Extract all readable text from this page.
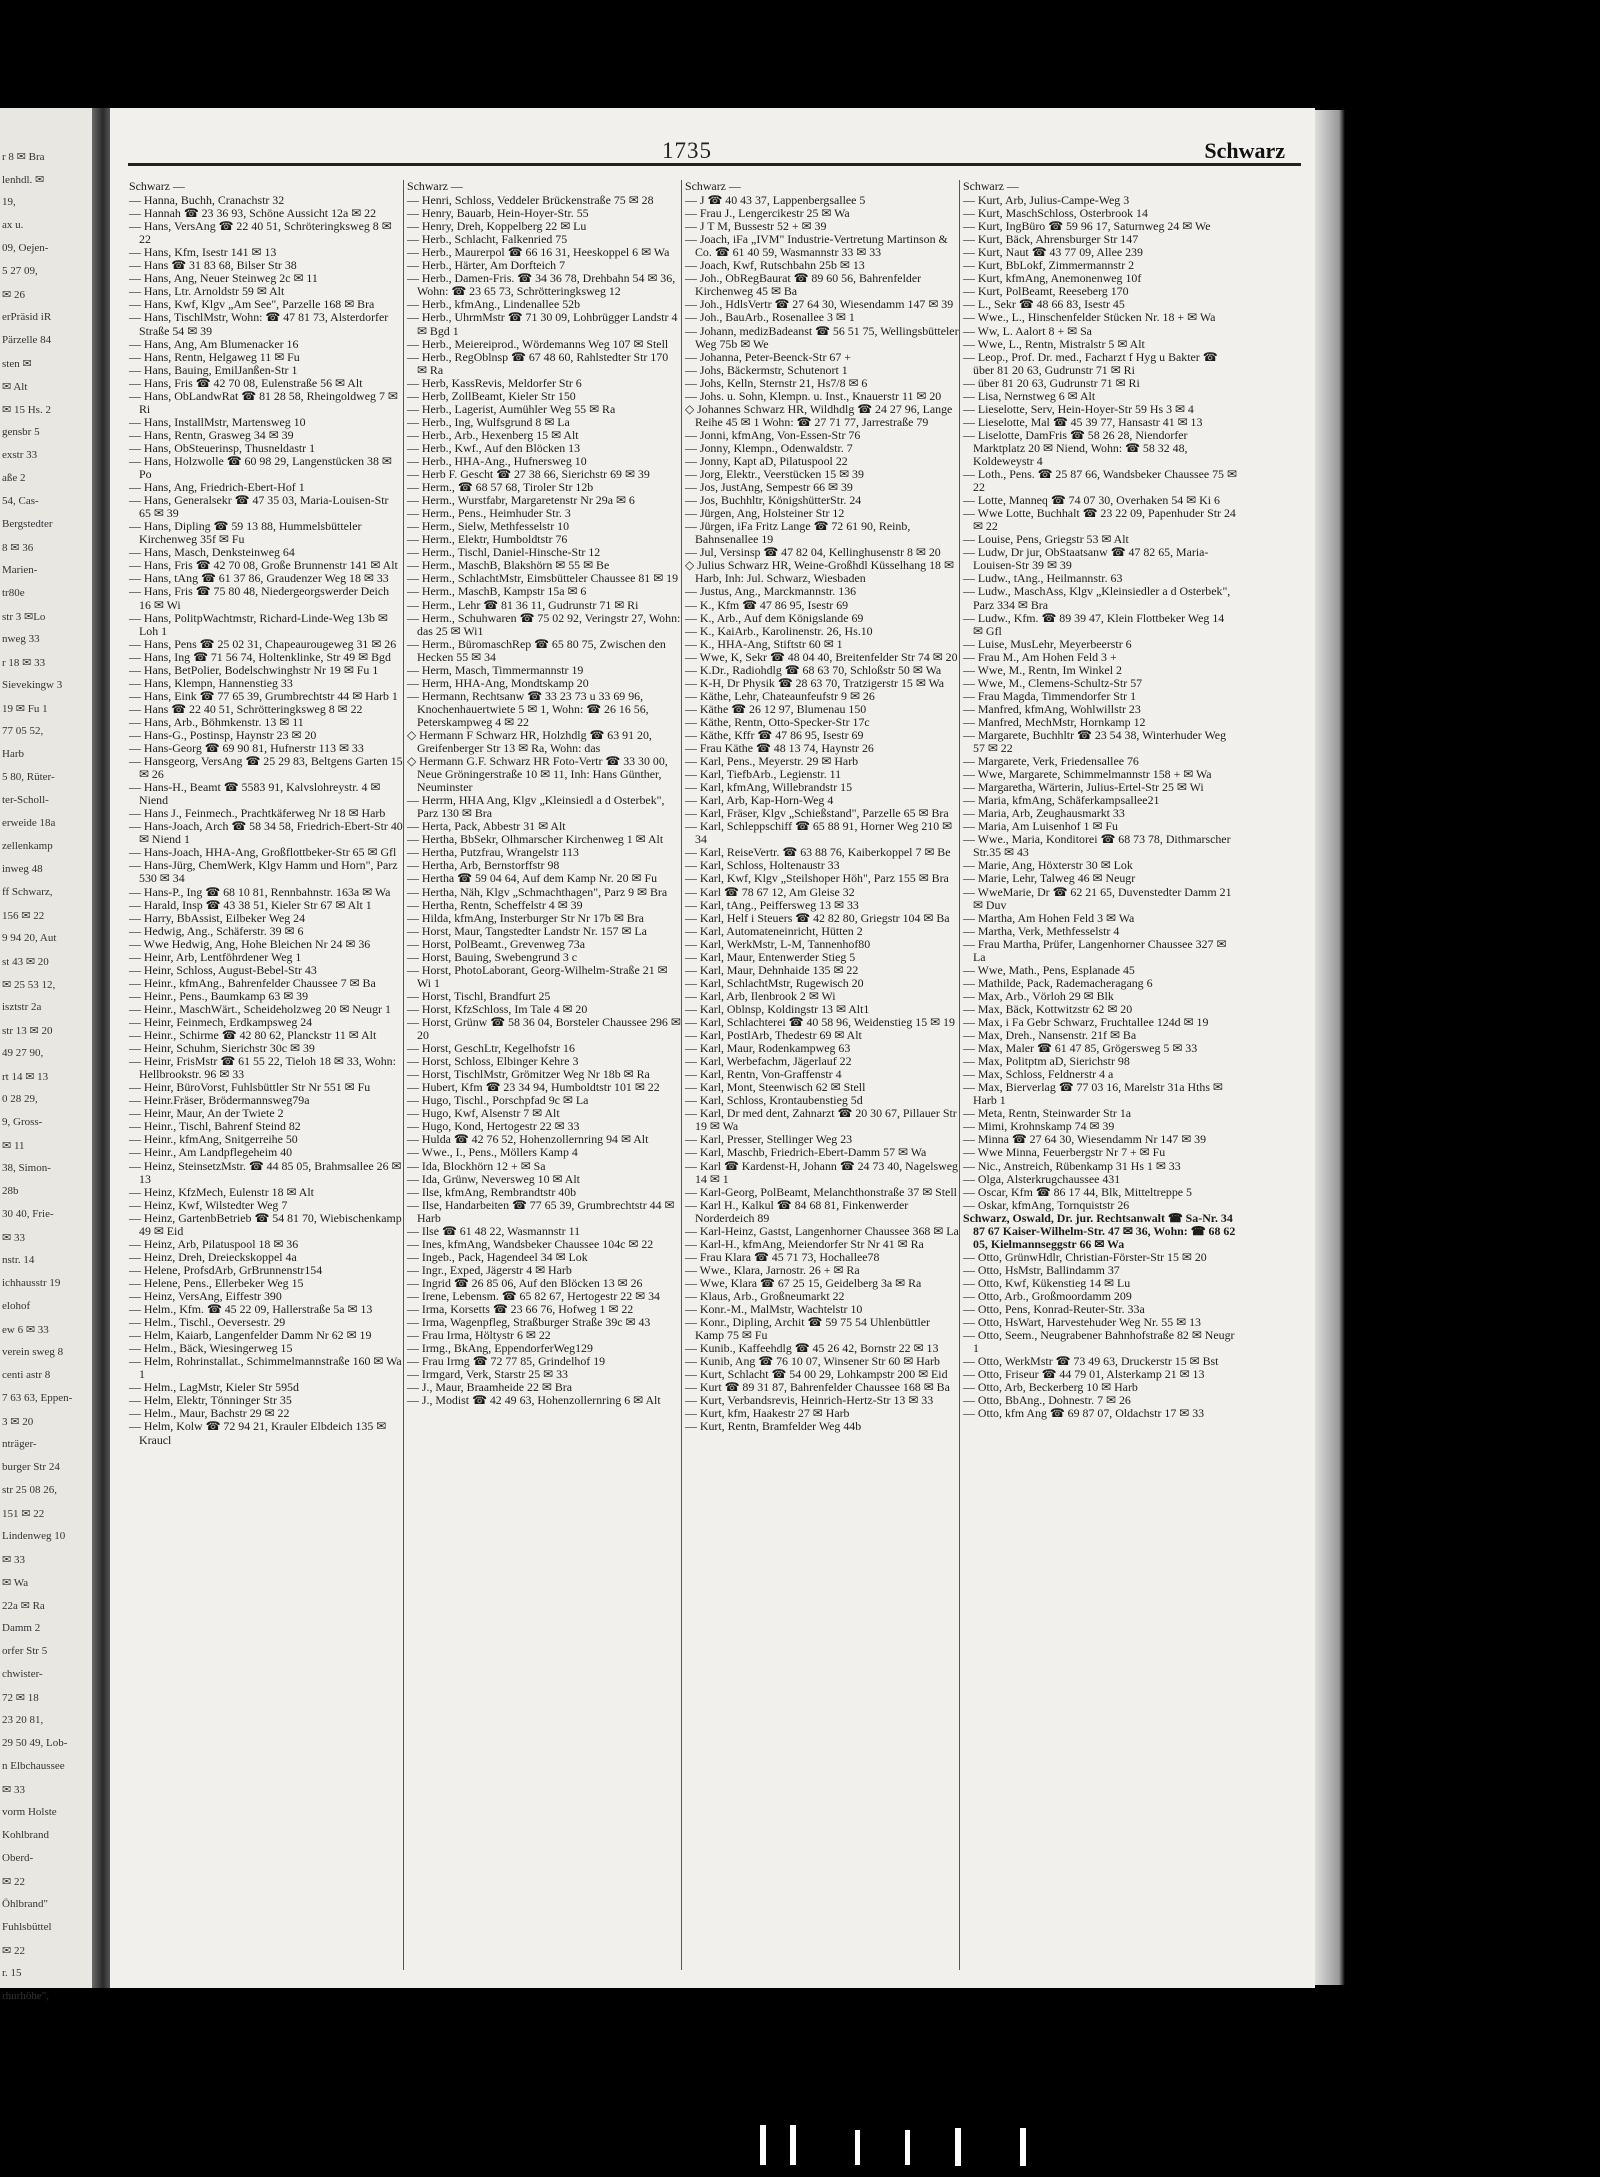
r 8 ✉ Bra
lenhdl. ✉
19,
ax u.
09, Oejen-
5 27 09,
✉ 26
erPräsid iR
Pärzelle 84
sten ✉
✉ Alt
✉ 15 Hs. 2
gensbr 5
exstr 33
aße 2
54, Cas-
Bergstedter
8 ✉ 36
Marien-
tr80e
str 3 ✉Lo
nweg 33
r 18 ✉ 33
Sievekingw 3
19 ✉ Fu 1
77 05 52,
Harb
5 80, Rüter-
ter-Scholl-
erweide 18a
zellenkamp
inweg 48
ff Schwarz,
156 ✉ 22
9 94 20, Aut
st 43 ✉ 20
✉ 25 53 12,
isztstr 2a
str 13 ✉ 20
49 27 90,
rt 14 ✉ 13
0 28 29,
9, Gross-
✉ 11
38, Simon-
28b
30 40, Frie-
✉ 33
nstr. 14
ichhausstr 19
elohof
ew 6 ✉ 33
verein sweg 8
centi astr 8
7 63 63, Eppen-
3 ✉ 20
nträger-
burger Str 24
str 25 08 26,
151 ✉ 22
Lindenweg 10
✉ 33
✉ Wa
22a ✉ Ra
Damm 2
orfer Str 5
chwister-
72 ✉ 18
23 20 81,
29 50 49, Lob-
n Elbchaussee
✉ 33
vorm Holste
Kohlbrand
Oberd-
✉ 22
Öhlbrand"
Fuhlsbüttel
✉ 22
r. 15
rhurhöhe",
1735	Schwarz
Schwarz —

— Hanna, Buchh, Cranachstr 32

— Hannah ☎ 23 36 93, Schöne Aussicht 12a ✉ 22

— Hans, VersAng ☎ 22 40 51, Schröteringksweg 8 ✉ 22

— Hans, Kfm, Isestr 141 ✉ 13

— Hans ☎ 31 83 68, Bilser Str 38

— Hans, Ang, Neuer Steinweg 2c ✉ 11

— Hans, Ltr. Arnoldstr 59 ✉ Alt

— Hans, Kwf, Klgv „Am See", Parzelle 168 ✉ Bra

— Hans, TischlMstr, Wohn: ☎ 47 81 73, Alsterdorfer Straße 54 ✉ 39

— Hans, Ang, Am Blumenacker 16

— Hans, Rentn, Helgaweg 11 ✉ Fu

— Hans, Bauing, EmilJanßen-Str 1

— Hans, Fris ☎ 42 70 08, Eulenstraße 56 ✉ Alt

— Hans, ObLandwRat ☎ 81 28 58, Rheingoldweg 7 ✉ Ri

— Hans, InstallMstr, Martensweg 10

— Hans, Rentn, Grasweg 34 ✉ 39

— Hans, ObSteuerinsp, Thusneldastr 1

— Hans, Holzwolle ☎ 60 98 29, Langenstücken 38 ✉ Po

— Hans, Ang, Friedrich-Ebert-Hof 1

— Hans, Generalsekr ☎ 47 35 03, Maria-Louisen-Str 65 ✉ 39

— Hans, Dipling ☎ 59 13 88, Hummelsbütteler Kirchenweg 35f ✉ Fu

— Hans, Masch, Denksteinweg 64

— Hans, Fris ☎ 42 70 08, Große Brunnenstr 141 ✉ Alt

— Hans, tAng ☎ 61 37 86, Graudenzer Weg 18 ✉ 33

— Hans, Fris ☎ 75 80 48, Niedergeorgswerder Deich 16 ✉ Wi

— Hans, PolitpWachtmstr, Richard-Linde-Weg 13b ✉ Loh 1

— Hans, Pens ☎ 25 02 31, Chapeaurougeweg 31 ✉ 26

— Hans, Ing ☎ 71 56 74, Holtenklinke, Str 49 ✉ Bgd

— Hans, BetPolier, Bodelschwinghstr Nr 19 ✉ Fu 1

— Hans, Klempn, Hannenstieg 33

— Hans, Eink ☎ 77 65 39, Grumbrechtstr 44 ✉ Harb 1

— Hans ☎ 22 40 51, Schrötteringksweg 8 ✉ 22

— Hans, Arb., Böhmkenstr. 13 ✉ 11

— Hans-G., Postinsp, Haynstr 23 ✉ 20

— Hans-Georg ☎ 69 90 81, Hufnerstr 113 ✉ 33

— Hansgeorg, VersAng ☎ 25 29 83, Beltgens Garten 15 ✉ 26

— Hans-H., Beamt ☎ 5583 91, Kalvslohreystr. 4 ✉ Niend

— Hans J., Feinmech., Prachtkäferweg Nr 18 ✉ Harb

— Hans-Joach, Arch ☎ 58 34 58, Friedrich-Ebert-Str 40 ✉ Niend 1

— Hans-Joach, HHA-Ang, Großflottbeker-Str 65 ✉ Gfl

— Hans-Jürg, ChemWerk, Klgv Hamm und Horn", Parz 530 ✉ 34

— Hans-P., Ing ☎ 68 10 81, Rennbahnstr. 163a ✉ Wa

— Harald, Insp ☎ 43 38 51, Kieler Str 67 ✉ Alt 1

— Harry, BbAssist, Eilbeker Weg 24

— Hedwig, Ang., Schäferstr. 39 ✉ 6

— Wwe Hedwig, Ang, Hohe Bleichen Nr 24 ✉ 36

— Heinr, Arb, Lentföhrdener Weg 1

— Heinr, Schloss, August-Bebel-Str 43

— Heinr., kfmAng., Bahrenfelder Chaussee 7 ✉ Ba

— Heinr., Pens., Baumkamp 63 ✉ 39

— Heinr., MaschWärt., Scheideholzweg 20 ✉ Neugr 1

— Heinr, Feinmech, Erdkampsweg 24

— Heinr., Schirme ☎ 42 80 62, Planckstr 11 ✉ Alt

— Heinr, Schuhm, Sierichstr 30c ✉ 39

— Heinr, FrisMstr ☎ 61 55 22, Tieloh 18 ✉ 33, Wohn: Hellbrookstr. 96 ✉ 33

— Heinr, BüroVorst, Fuhlsbüttler Str Nr 551 ✉ Fu

— Heinr.Fräser, Brödermannsweg79a

— Heinr, Maur, An der Twiete 2

— Heinr., Tischl, Bahrenf Steind 82

— Heinr., kfmAng, Snitgerreihe 50

— Heinr., Am Landpflegeheim 40

— Heinz, SteinsetzMstr. ☎ 44 85 05, Brahmsallee 26 ✉ 13

— Heinz, KfzMech, Eulenstr 18 ✉ Alt

— Heinz, Kwf, Wilstedter Weg 7

— Heinz, GartenbBetrieb ☎ 54 81 70, Wiebischenkamp 49 ✉ Eid

— Heinz, Arb, Pilatuspool 18 ✉ 36

— Heinz, Dreh, Dreieckskoppel 4a

— Helene, ProfsdArb, GrBrunnenstr154

— Helene, Pens., Ellerbeker Weg 15

— Heinz, VersAng, Eiffestr 390

— Helm., Kfm. ☎ 45 22 09, Hallerstraße 5a ✉ 13

— Helm., Tischl., Oeversestr. 29

— Helm, Kaiarb, Langenfelder Damm Nr 62 ✉ 19

— Helm., Bäck, Wiesingerweg 15

— Helm, Rohrinstallat., Schimmelmannstraße 160 ✉ Wa 1

— Helm., LagMstr, Kieler Str 595d

— Helm, Elektr, Tönninger Str 35

— Helm., Maur, Bachstr 29 ✉ 22

— Helm, Kolw ☎ 72 94 21, Krauler Elbdeich 135 ✉ Kraucl

Schwarz —

— Henri, Schloss, Veddeler Brückenstraße 75 ✉ 28

— Henry, Bauarb, Hein-Hoyer-Str. 55

— Henry, Dreh, Koppelberg 22 ✉ Lu

— Herb., Schlacht, Falkenried 75

— Herb., Maurerpol ☎ 66 16 31, Heeskoppel 6 ✉ Wa

— Herb., Härter, Am Dorfteich 7

— Herb., Damen-Fris. ☎ 34 36 78, Drehbahn 54 ✉ 36, Wohn: ☎ 23 65 73, Schrötteringksweg 12

— Herb., kfmAng., Lindenallee 52b

— Herb., UhrmMstr ☎ 71 30 09, Lohbrügger Landstr 4 ✉ Bgd 1

— Herb., Meiereiprod., Wördemanns Weg 107 ✉ Stell

— Herb., RegOblnsp ☎ 67 48 60, Rahlstedter Str 170 ✉ Ra

— Herb, KassRevis, Meldorfer Str 6

— Herb, ZollBeamt, Kieler Str 150

— Herb., Lagerist, Aumühler Weg 55 ✉ Ra

— Herb., Ing, Wulfsgrund 8 ✉ La

— Herb., Arb., Hexenberg 15 ✉ Alt

— Herb., Kwf., Auf den Blöcken 13

— Herb., HHA-Ang., Hufnersweg 10

— Herb F. Gescht ☎ 27 38 66, Sierichstr 69 ✉ 39

— Herm., ☎ 68 57 68, Tiroler Str 12b

— Herm., Wurstfabr, Margaretenstr Nr 29a ✉ 6

— Herm., Pens., Heimhuder Str. 3

— Herm., Sielw, Methfesselstr 10

— Herm., Elektr, Humboldtstr 76

— Herm., Tischl, Daniel-Hinsche-Str 12

— Herm., MaschB, Blakshörn ✉ 55 ✉ Be

— Herm., SchlachtMstr, Eimsbütteler Chaussee 81 ✉ 19

— Herm., MaschB, Kampstr 15a ✉ 6

— Herm., Lehr ☎ 81 36 11, Gudrunstr 71 ✉ Ri

— Herm., Schuhwaren ☎ 75 02 92, Veringstr 27, Wohn: das 25 ✉ Wi1

— Herm., BüromaschRep ☎ 65 80 75, Zwischen den Hecken 55 ✉ 34

— Herm, Masch, Timmermannstr 19

— Herm, HHA-Ang, Mondtskamp 20

— Hermann, Rechtsanw ☎ 33 23 73 u 33 69 96, Knochenhauertwiete 5 ✉ 1, Wohn: ☎ 26 16 56, Peterskampweg 4 ✉ 22

◇ Hermann F Schwarz HR, Holzhdlg ☎ 63 91 20, Greifenberger Str 13 ✉ Ra, Wohn: das

◇ Hermann G.F. Schwarz HR Foto-Vertr ☎ 33 30 00, Neue Gröningerstraße 10 ✉ 11, Inh: Hans Günther, Neuminster

— Herrm, HHA Ang, Klgv „Kleinsiedl a d Osterbek", Parz 130 ✉ Bra

— Herta, Pack, Abbestr 31 ✉ Alt

— Hertha, BbSekr, Olhmarscher Kirchenweg 1 ✉ Alt

— Hertha, Putzfrau, Wrangelstr 113

— Hertha, Arb, Bernstorffstr 98

— Hertha ☎ 59 04 64, Auf dem Kamp Nr. 20 ✉ Fu

— Hertha, Näh, Klgv „Schmachthagen", Parz 9 ✉ Bra

— Hertha, Rentn, Scheffelstr 4 ✉ 39

— Hilda, kfmAng, Insterburger Str Nr 17b ✉ Bra

— Horst, Maur, Tangstedter Landstr Nr. 157 ✉ La

— Horst, PolBeamt., Grevenweg 73a

— Horst, Bauing, Swebengrund 3 c

— Horst, PhotoLaborant, Georg-Wilhelm-Straße 21 ✉ Wi 1

— Horst, Tischl, Brandfurt 25

— Horst, KfzSchloss, Im Tale 4 ✉ 20

— Horst, Grünw ☎ 58 36 04, Borsteler Chaussee 296 ✉ 20

— Horst, GeschLtr, Kegelhofstr 16

— Horst, Schloss, Elbinger Kehre 3

— Horst, TischlMstr, Grömitzer Weg Nr 18b ✉ Ra

— Hubert, Kfm ☎ 23 34 94, Humboldtstr 101 ✉ 22

— Hugo, Tischl., Porschpfad 9c ✉ La

— Hugo, Kwf, Alsenstr 7 ✉ Alt

— Hugo, Kond, Hertogestr 22 ✉ 33

— Hulda ☎ 42 76 52, Hohenzollernring 94 ✉ Alt

— Wwe., I., Pens., Möllers Kamp 4

— Ida, Blockhörn 12 + ✉ Sa

— Ida, Grünw, Neversweg 10 ✉ Alt

— Ilse, kfmAng, Rembrandtstr 40b

— Ilse, Handarbeiten ☎ 77 65 39, Grumbrechtstr 44 ✉ Harb

— Ilse ☎ 61 48 22, Wasmannstr 11

— Ines, kfmAng, Wandsbeker Chaussee 104c ✉ 22

— Ingeb., Pack, Hagendeel 34 ✉ Lok

— Ingr., Exped, Jägerstr 4 ✉ Harb

— Ingrid ☎ 26 85 06, Auf den Blöcken 13 ✉ 26

— Irene, Lebensm. ☎ 65 82 67, Hertogestr 22 ✉ 34

— Irma, Korsetts ☎ 23 66 76, Hofweg 1 ✉ 22

— Irma, Wagenpfleg, Straßburger Straße 39c ✉ 43

— Frau Irma, Höltystr 6 ✉ 22

— Irmg., BkAng, EppendorferWeg129

— Frau Irmg ☎ 72 77 85, Grindelhof 19

— Irmgard, Verk, Starstr 25 ✉ 33

— J., Maur, Braamheide 22 ✉ Bra

— J., Modist ☎ 42 49 63, Hohenzollernring 6 ✉ Alt

Schwarz —

— J ☎ 40 43 37, Lappenbergsallee 5

— Frau J., Lengercikestr 25 ✉ Wa

— J T M, Bussestr 52 + ✉ 39

— Joach, iFa „IVM" Industrie-Vertretung Martinson & Co. ☎ 61 40 59, Wasmannstr 33 ✉ 33

— Joach, Kwf, Rutschbahn 25b ✉ 13

— Joh., ObRegBaurat ☎ 89 60 56, Bahrenfelder Kirchenweg 45 ✉ Ba

— Joh., HdlsVertr ☎ 27 64 30, Wiesendamm 147 ✉ 39

— Joh., BauArb., Rosenallee 3 ✉ 1

— Johann, medizBadeanst ☎ 56 51 75, Wellingsbütteler Weg 75b ✉ We

— Johanna, Peter-Beenck-Str 67 +

— Johs, Bäckermstr, Schutenort 1

— Johs, Kelln, Sternstr 21, Hs7/8 ✉ 6

— Johs. u. Sohn, Klempn. u. Inst., Knauerstr 11 ✉ 20

◇ Johannes Schwarz HR, Wildhdlg ☎ 24 27 96, Lange Reihe 45 ✉ 1 Wohn: ☎ 27 71 77, Jarrestraße 79

— Jonni, kfmAng, Von-Essen-Str 76

— Jonny, Klempn., Odenwaldstr. 7

— Jonny, Kapt aD, Pilatuspool 22

— Jorg, Elektr., Veerstücken 15 ✉ 39

— Jos, JustAng, Sempestr 66 ✉ 39

— Jos, Buchhltr, KönigshütterStr. 24

— Jürgen, Ang, Holsteiner Str 12

— Jürgen, iFa Fritz Lange ☎ 72 61 90, Reinb, Bahnsenallee 19

— Jul, Versinsp ☎ 47 82 04, Kellinghusenstr 8 ✉ 20

◇ Julius Schwarz HR, Weine-Großhdl Küsselhang 18 ✉ Harb, Inh: Jul. Schwarz, Wiesbaden

— Justus, Ang., Marckmannstr. 136

— K., Kfm ☎ 47 86 95, Isestr 69

— K., Arb., Auf dem Königslande 69

— K., KaiArb., Karolinenstr. 26, Hs.10

— K., HHA-Ang, Stiftstr 60 ✉ 1

— Wwe, K, Sekr ☎ 48 04 40, Breitenfelder Str 74 ✉ 20

— K.Dr., Radiohdlg ☎ 68 63 70, Schloßstr 50 ✉ Wa

— K-H, Dr Physik ☎ 28 63 70, Tratzigerstr 15 ✉ Wa

— Käthe, Lehr, Chateaunfeufstr 9 ✉ 26

— Käthe ☎ 26 12 97, Blumenau 150

— Käthe, Rentn, Otto-Specker-Str 17c

— Käthe, Kffr ☎ 47 86 95, Isestr 69

— Frau Käthe ☎ 48 13 74, Haynstr 26

— Karl, Pens., Meyerstr. 29 ✉ Harb

— Karl, TiefbArb., Legienstr. 11

— Karl, kfmAng, Willebrandstr 15

— Karl, Arb, Kap-Horn-Weg 4

— Karl, Fräser, Klgv „Schießstand", Parzelle 65 ✉ Bra

— Karl, Schleppschiff ☎ 65 88 91, Horner Weg 210 ✉ 34

— Karl, ReiseVertr. ☎ 63 88 76, Kaiberkoppel 7 ✉ Be

— Karl, Schloss, Holtenaustr 33

— Karl, Kwf, Klgv „Steilshoper Höh", Parz 155 ✉ Bra

— Karl ☎ 78 67 12, Am Gleise 32

— Karl, tAng., Peiffersweg 13 ✉ 33

— Karl, Helf i Steuers ☎ 42 82 80, Griegstr 104 ✉ Ba

— Karl, Automateneinricht, Hütten 2

— Karl, WerkMstr, L-M, Tannenhof80

— Karl, Maur, Entenwerder Stieg 5

— Karl, Maur, Dehnhaide 135 ✉ 22

— Karl, SchlachtMstr, Rugewisch 20

— Karl, Arb, Ilenbrook 2 ✉ Wi

— Karl, Oblnsp, Koldingstr 13 ✉ Alt1

— Karl, Schlachterei ☎ 40 58 96, Weidenstieg 15 ✉ 19

— Karl, PostlArb, Thedestr 69 ✉ Alt

— Karl, Maur, Rodenkampweg 63

— Karl, Werbefachm, Jägerlauf 22

— Karl, Rentn, Von-Graffenstr 4

— Karl, Mont, Steenwisch 62 ✉ Stell

— Karl, Schloss, Krontaubenstieg 5d

— Karl, Dr med dent, Zahnarzt ☎ 20 30 67, Pillauer Str 19 ✉ Wa

— Karl, Presser, Stellinger Weg 23

— Karl, Maschb, Friedrich-Ebert-Damm 57 ✉ Wa

— Karl ☎ Kardenst-H, Johann ☎ 24 73 40, Nagelsweg 14 ✉ 1

— Karl-Georg, PolBeamt, Melanchthonstraße 37 ✉ Stell

— Karl H., Kalkul ☎ 84 68 81, Finkenwerder Norderdeich 89

— Karl-Heinz, Gastst, Langenhorner Chaussee 368 ✉ La

— Karl-H., kfmAng, Meiendorfer Str Nr 41 ✉ Ra

— Frau Klara ☎ 45 71 73, Hochallee78

— Wwe., Klara, Jarnostr. 26 + ✉ Ra

— Wwe, Klara ☎ 67 25 15, Geidelberg 3a ✉ Ra

— Klaus, Arb., Großneumarkt 22

— Konr.-M., MalMstr, Wachtelstr 10

— Konr., Dipling, Archit ☎ 59 75 54 Uhlenbüttler Kamp 75 ✉ Fu

— Kunib., Kaffeehdlg ☎ 45 26 42, Bornstr 22 ✉ 13

— Kunib, Ang ☎ 76 10 07, Winsener Str 60 ✉ Harb

— Kurt, Schlacht ☎ 54 00 29, Lohkampstr 200 ✉ Eid

— Kurt ☎ 89 31 87, Bahrenfelder Chaussee 168 ✉ Ba

— Kurt, Verbandsrevis, Heinrich-Hertz-Str 13 ✉ 33

— Kurt, kfm, Haakestr 27 ✉ Harb

— Kurt, Rentn, Bramfelder Weg 44b

Schwarz —

— Kurt, Arb, Julius-Campe-Weg 3

— Kurt, MaschSchloss, Osterbrook 14

— Kurt, IngBüro ☎ 59 96 17, Saturnweg 24 ✉ We

— Kurt, Bäck, Ahrensburger Str 147

— Kurt, Naut ☎ 43 77 09, Allee 239

— Kurt, BbLokf, Zimmermannstr 2

— Kurt, kfmAng, Anemonenweg 10f

— Kurt, PolBeamt, Reeseberg 170

— L., Sekr ☎ 48 66 83, Isestr 45

— Wwe., L., Hinschenfelder Stücken Nr. 18 + ✉ Wa

— Ww, L. Aalort 8 + ✉ Sa

— Wwe, L., Rentn, Mistralstr 5 ✉ Alt

— Leop., Prof. Dr. med., Facharzt f Hyg u Bakter ☎ über 81 20 63, Gudrunstr 71 ✉ Ri

— über 81 20 63, Gudrunstr 71 ✉ Ri

— Lisa, Nernstweg 6 ✉ Alt

— Lieselotte, Serv, Hein-Hoyer-Str 59 Hs 3 ✉ 4

— Lieselotte, Mal ☎ 45 39 77, Hansastr 41 ✉ 13

— Liselotte, DamFris ☎ 58 26 28, Niendorfer Marktplatz 20 ✉ Niend, Wohn: ☎ 58 32 48, Koldeweystr 4

— Loth., Pens. ☎ 25 87 66, Wandsbeker Chaussee 75 ✉ 22

— Lotte, Manneq ☎ 74 07 30, Overhaken 54 ✉ Ki 6

— Wwe Lotte, Buchhalt ☎ 23 22 09, Papenhuder Str 24 ✉ 22

— Louise, Pens, Griegstr 53 ✉ Alt

— Ludw, Dr jur, ObStaatsanw ☎ 47 82 65, Maria-Louisen-Str 39 ✉ 39

— Ludw., tAng., Heilmannstr. 63

— Ludw., MaschAss, Klgv „Kleinsiedler a d Osterbek", Parz 334 ✉ Bra

— Ludw., Kfm. ☎ 89 39 47, Klein Flottbeker Weg 14 ✉ Gfl

— Luise, MusLehr, Meyerbeerstr 6

— Frau M., Am Hohen Feld 3 +

— Wwe, M., Rentn, Im Winkel 2

— Wwe, M., Clemens-Schultz-Str 57

— Frau Magda, Timmendorfer Str 1

— Manfred, kfmAng, Wohlwillstr 23

— Manfred, MechMstr, Hornkamp 12

— Margarete, Buchhltr ☎ 23 54 38, Winterhuder Weg 57 ✉ 22

— Margarete, Verk, Friedensallee 76

— Wwe, Margarete, Schimmelmannstr 158 + ✉ Wa

— Margaretha, Wärterin, Julius-Ertel-Str 25 ✉ Wi

— Maria, kfmAng, Schäferkampsallee21

— Maria, Arb, Zeughausmarkt 33

— Maria, Am Luisenhof 1 ✉ Fu

— Wwe., Maria, Konditorei ☎ 68 73 78, Dithmarscher Str.35 ✉ 43

— Marie, Ang, Höxterstr 30 ✉ Lok

— Marie, Lehr, Talweg 46 ✉ Neugr

— WweMarie, Dr ☎ 62 21 65, Duvenstedter Damm 21 ✉ Duv

— Martha, Am Hohen Feld 3 ✉ Wa

— Martha, Verk, Methfesselstr 4

— Frau Martha, Prüfer, Langenhorner Chaussee 327 ✉ La

— Wwe, Math., Pens, Esplanade 45

— Mathilde, Pack, Rademacheragang 6

— Max, Arb., Vörloh 29 ✉ Blk

— Max, Bäck, Kottwitzstr 62 ✉ 20

— Max, i Fa Gebr Schwarz, Fruchtallee 124d ✉ 19

— Max, Dreh., Nansenstr. 21f ✉ Ba

— Max, Maler ☎ 61 47 85, Grögersweg 5 ✉ 33

— Max, Politptm aD, Sierichstr 98

— Max, Schloss, Feldnerstr 4 a

— Max, Bierverlag ☎ 77 03 16, Marelstr 31a Hths ✉ Harb 1

— Meta, Rentn, Steinwarder Str 1a

— Mimi, Krohnskamp 74 ✉ 39

— Minna ☎ 27 64 30, Wiesendamm Nr 147 ✉ 39

— Wwe Minna, Feuerbergstr Nr 7 + ✉ Fu

— Nic., Anstreich, Rübenkamp 31 Hs 1 ✉ 33

— Olga, Alsterkrugchaussee 431

— Oscar, Kfm ☎ 86 17 44, Blk, Mitteltreppe 5

— Oskar, kfmAng, Tornquiststr 26

Schwarz, Oswald, Dr. jur. Rechtsanwalt ☎ Sa-Nr. 34 87 67 Kaiser-Wilhelm-Str. 47 ✉ 36, Wohn: ☎ 68 62 05, Kielmannseggstr 66 ✉ Wa

— Otto, GrünwHdlr, Christian-Förster-Str 15 ✉ 20

— Otto, HsMstr, Ballindamm 37

— Otto, Kwf, Kükenstieg 14 ✉ Lu

— Otto, Arb., Großmoordamm 209

— Otto, Pens, Konrad-Reuter-Str. 33a

— Otto, HsWart, Harvestehuder Weg Nr. 55 ✉ 13

— Otto, Seem., Neugrabener Bahnhofstraße 82 ✉ Neugr 1

— Otto, WerkMstr ☎ 73 49 63, Druckerstr 15 ✉ Bst

— Otto, Friseur ☎ 44 79 01, Alsterkamp 21 ✉ 13

— Otto, Arb, Beckerberg 10 ✉ Harb

— Otto, BbAng., Dohnestr. 7 ✉ 26

— Otto, kfm Ang ☎ 69 87 07, Oldachstr 17 ✉ 33
